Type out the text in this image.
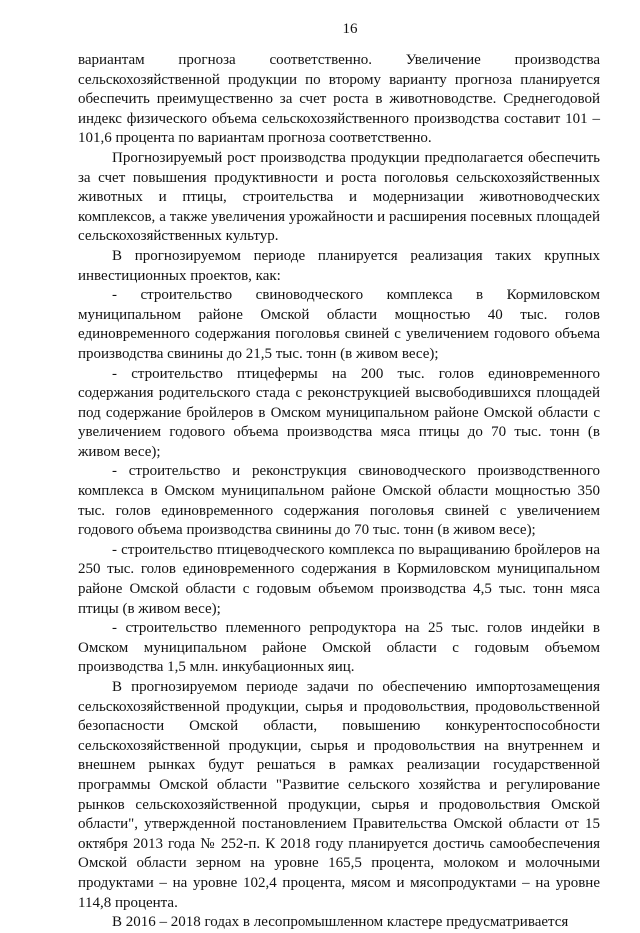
16

вариантам прогноза соответственно. Увеличение производства сельскохозяйственной продукции по второму варианту прогноза планируется обеспечить преимущественно за счет роста в животноводстве. Среднегодовой индекс физического объема сельскохозяйственного производства составит 101 – 101,6 процента по вариантам прогноза соответственно.

Прогнозируемый рост производства продукции предполагается обеспечить за счет повышения продуктивности и роста поголовья сельскохозяйственных животных и птицы, строительства и модернизации животноводческих комплексов, а также увеличения урожайности и расширения посевных площадей сельскохозяйственных культур.

В прогнозируемом периоде планируется реализация таких крупных инвестиционных проектов, как:

- строительство свиноводческого комплекса в Кормиловском муниципальном районе Омской области мощностью 40 тыс. голов единовременного содержания поголовья свиней с увеличением годового объема производства свинины до 21,5 тыс. тонн (в живом весе);

- строительство птицефермы на 200 тыс. голов единовременного содержания родительского стада с реконструкцией высвободившихся площадей под содержание бройлеров в Омском муниципальном районе Омской области с увеличением годового объема производства мяса птицы до 70 тыс. тонн (в живом весе);

- строительство и реконструкция свиноводческого производственного комплекса в Омском муниципальном районе Омской области мощностью 350 тыс. голов единовременного содержания поголовья свиней с увеличением годового объема производства свинины до 70 тыс. тонн (в живом весе);

- строительство птицеводческого комплекса по выращиванию бройлеров на 250 тыс. голов единовременного содержания в Кормиловском муниципальном районе Омской области с годовым объемом производства 4,5 тыс. тонн мяса птицы (в живом весе);

- строительство племенного репродуктора на 25 тыс. голов индейки в Омском муниципальном районе Омской области с годовым объемом производства 1,5 млн. инкубационных яиц.

В прогнозируемом периоде задачи по обеспечению импортозамещения сельскохозяйственной продукции, сырья и продовольствия, продовольственной безопасности Омской области, повышению конкурентоспособности сельскохозяйственной продукции, сырья и продовольствия на внутреннем и внешнем рынках будут решаться в рамках реализации государственной программы Омской области "Развитие сельского хозяйства и регулирование рынков сельскохозяйственной продукции, сырья и продовольствия Омской области", утвержденной постановлением Правительства Омской области от 15 октября 2013 года № 252-п. К 2018 году планируется достичь самообеспечения Омской области зерном на уровне 165,5 процента, молоком и молочными продуктами – на уровне 102,4 процента, мясом и мясопродуктами – на уровне 114,8 процента.

В 2016 – 2018 годах в лесопромышленном кластере предусматривается
